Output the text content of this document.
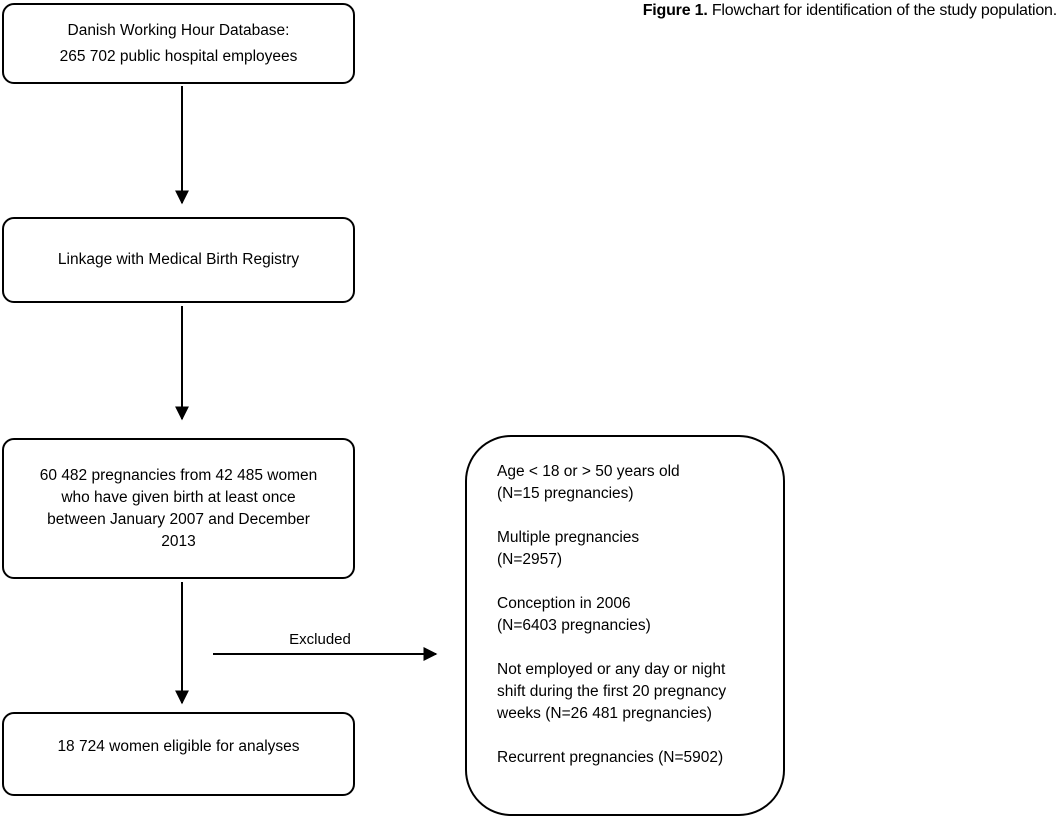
Figure 1. Flowchart for identification of the study population.
Danish Working Hour Database:
265 702 public hospital employees
Linkage with Medical Birth Registry
60 482 pregnancies from 42 485 women
who have given birth at least once
between January 2007 and December
2013
Excluded
18 724 women eligible for analyses
Age < 18 or > 50 years old
(N=15 pregnancies)
Multiple pregnancies
(N=2957)
Conception in 2006
(N=6403 pregnancies)
Not employed or any day or night
shift during the first 20 pregnancy
weeks (N=26 481 pregnancies)
Recurrent pregnancies (N=5902)
